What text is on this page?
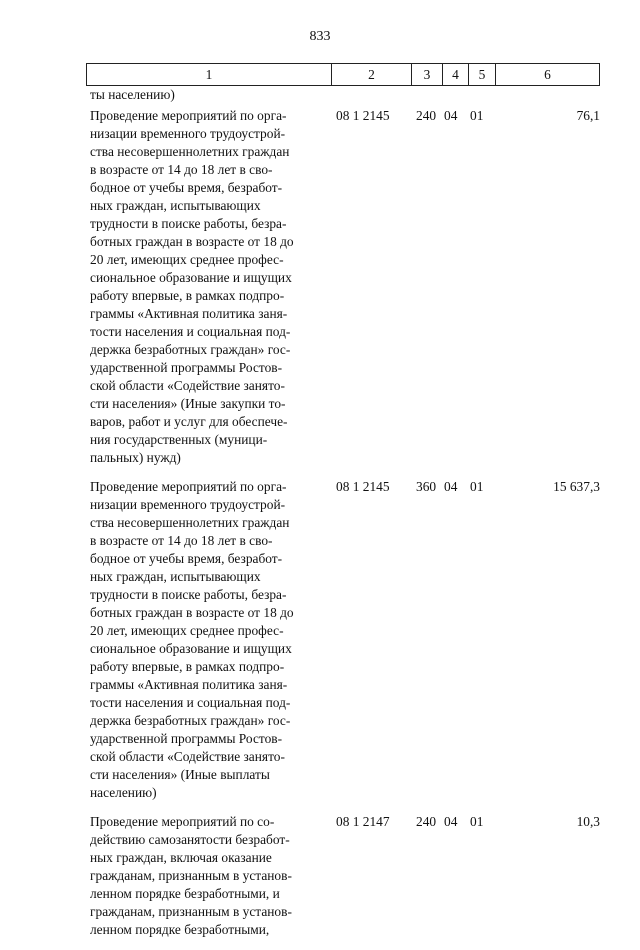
833
1	2	3	4	5	6
ты населению)
Проведение мероприятий по орга-
низации временного трудоустрой-
ства несовершеннолетних граждан
в возрасте от 14 до 18 лет в сво-
бодное от учебы время, безработ-
ных граждан, испытывающих
трудности в поиске работы, безра-
ботных граждан в возрасте от 18 до
20 лет, имеющих среднее профес-
сиональное образование и ищущих
работу впервые, в рамках подпро-
граммы «Активная политика заня-
тости населения и социальная под-
держка безработных граждан» гос-
ударственной программы Ростов-
ской области «Содействие занято-
сти населения» (Иные закупки то-
варов, работ и услуг для обеспече-
ния государственных (муници-
пальных) нужд)
08 1 2145	240 04 01	76,1
Проведение мероприятий по орга-
низации временного трудоустрой-
ства несовершеннолетних граждан
в возрасте от 14 до 18 лет в сво-
бодное от учебы время, безработ-
ных граждан, испытывающих
трудности в поиске работы, безра-
ботных граждан в возрасте от 18 до
20 лет, имеющих среднее профес-
сиональное образование и ищущих
работу впервые, в рамках подпро-
граммы «Активная политика заня-
тости населения и социальная под-
держка безработных граждан» гос-
ударственной программы Ростов-
ской области «Содействие занято-
сти населения» (Иные выплаты
населению)
08 1 2145	360 04 01	15 637,3
Проведение мероприятий по со-
действию самозанятости безработ-
ных граждан, включая оказание
гражданам, признанным в установ-
ленном порядке безработными, и
гражданам, признанным в установ-
ленном порядке безработными,
08 1 2147	240 04 01	10,3
